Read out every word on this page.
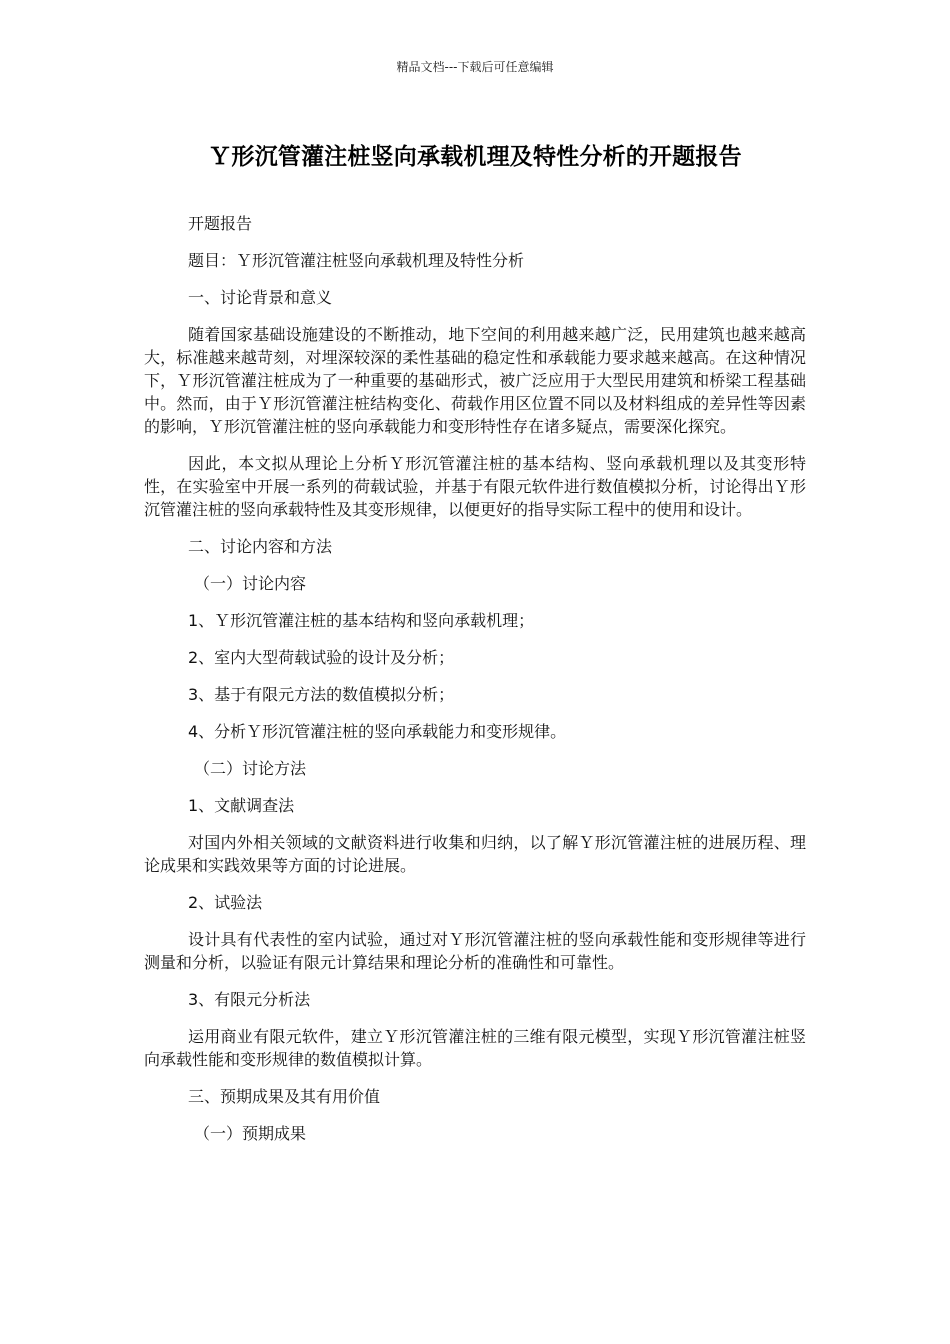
精品文档---下载后可任意编辑
Ｙ形沉管灌注桩竖向承载机理及特性分析的开题报告

开题报告

题目：Ｙ形沉管灌注桩竖向承载机理及特性分析

一、讨论背景和意义

随着国家基础设施建设的不断推动，地下空间的利用越来越广泛，民用建筑也越来越高大，标准越来越苛刻，对埋深较深的柔性基础的稳定性和承载能力要求越来越高。在这种情况下，Ｙ形沉管灌注桩成为了一种重要的基础形式，被广泛应用于大型民用建筑和桥梁工程基础中。然而，由于Ｙ形沉管灌注桩结构变化、荷载作用区位置不同以及材料组成的差异性等因素的影响，Ｙ形沉管灌注桩的竖向承载能力和变形特性存在诸多疑点，需要深化探究。

因此，本文拟从理论上分析Ｙ形沉管灌注桩的基本结构、竖向承载机理以及其变形特性，在实验室中开展一系列的荷载试验，并基于有限元软件进行数值模拟分析，讨论得出Ｙ形沉管灌注桩的竖向承载特性及其变形规律，以便更好的指导实际工程中的使用和设计。

二、讨论内容和方法

（一）讨论内容

1、Ｙ形沉管灌注桩的基本结构和竖向承载机理；

2、室内大型荷载试验的设计及分析；

3、基于有限元方法的数值模拟分析；

4、分析Ｙ形沉管灌注桩的竖向承载能力和变形规律。

（二）讨论方法

1、文献调查法

对国内外相关领域的文献资料进行收集和归纳，以了解Ｙ形沉管灌注桩的进展历程、理论成果和实践效果等方面的讨论进展。

2、试验法

设计具有代表性的室内试验，通过对Ｙ形沉管灌注桩的竖向承载性能和变形规律等进行测量和分析，以验证有限元计算结果和理论分析的准确性和可靠性。

3、有限元分析法

运用商业有限元软件，建立Ｙ形沉管灌注桩的三维有限元模型，实现Ｙ形沉管灌注桩竖向承载性能和变形规律的数值模拟计算。

三、预期成果及其有用价值

（一）预期成果
